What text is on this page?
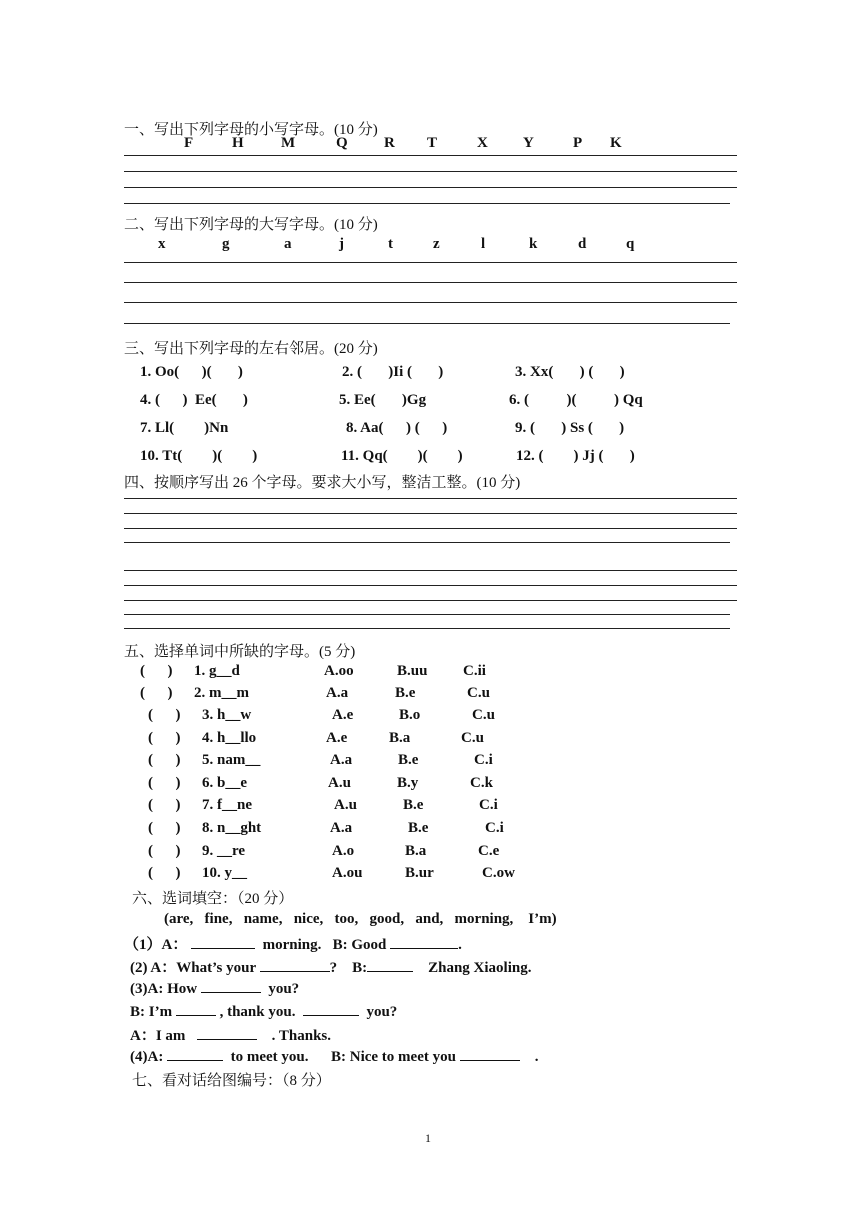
一、写出下列字母的小写字母。(10 分)
F	H M	Q R T	X Y	P K
二、写出下列字母的大写字母。(10 分)
x	g	a	j	t	z	l	k	d	q
三、写出下列字母的左右邻居。(20 分)
1. Oo(      )(       )	2. (       )Ii (       )	3. Xx(       ) (       )
4. (      )  Ee(       )	5. Ee(       )Gg	6. (          )(          ) Qq
7. Ll(        )Nn	8. Aa(      ) (      )	9. (       ) Ss (       )
10. Tt(        )(        )	11. Qq(        )(        )	12. (        ) Jj (       )
四、按顺序写出 26 个字母。要求大小写，整洁工整。(10 分)
五、选择单词中所缺的字母。(5 分)
(      ) 1. g__d	A.oo	B.uu C.ii
(      ) 2. m__m	A.a	B.e	C.u
(      ) 3. h__w	A.e	B.o	C.u
(      ) 4. h__llo	A.e	B.a	C.u
(      ) 5. nam__	A.a	B.e	C.i
(      ) 6. b__e	A.u	B.y	C.k
(      ) 7. f__ne	A.u	B.e	C.i
(      ) 8. n__ght	A.a	B.e	C.i
(      ) 9. __re	A.o	B.a	C.e
(      ) 10. y__	A.ou	B.ur	C.ow
六、选词填空：（20 分）
(are,   fine,   name,   nice,   too,   good,   and,   morning,    I’m)
（1）A：	morning. B: Good	.
(2) A：What’s your	? B:	Zhang Xiaoling.
(3)A: How	you?
B: I’m	, thank you.	you?
A：I am	. Thanks.
(4)A:	to meet you. B: Nice to meet you	.
七、看对话给图编号：（8 分）
1
